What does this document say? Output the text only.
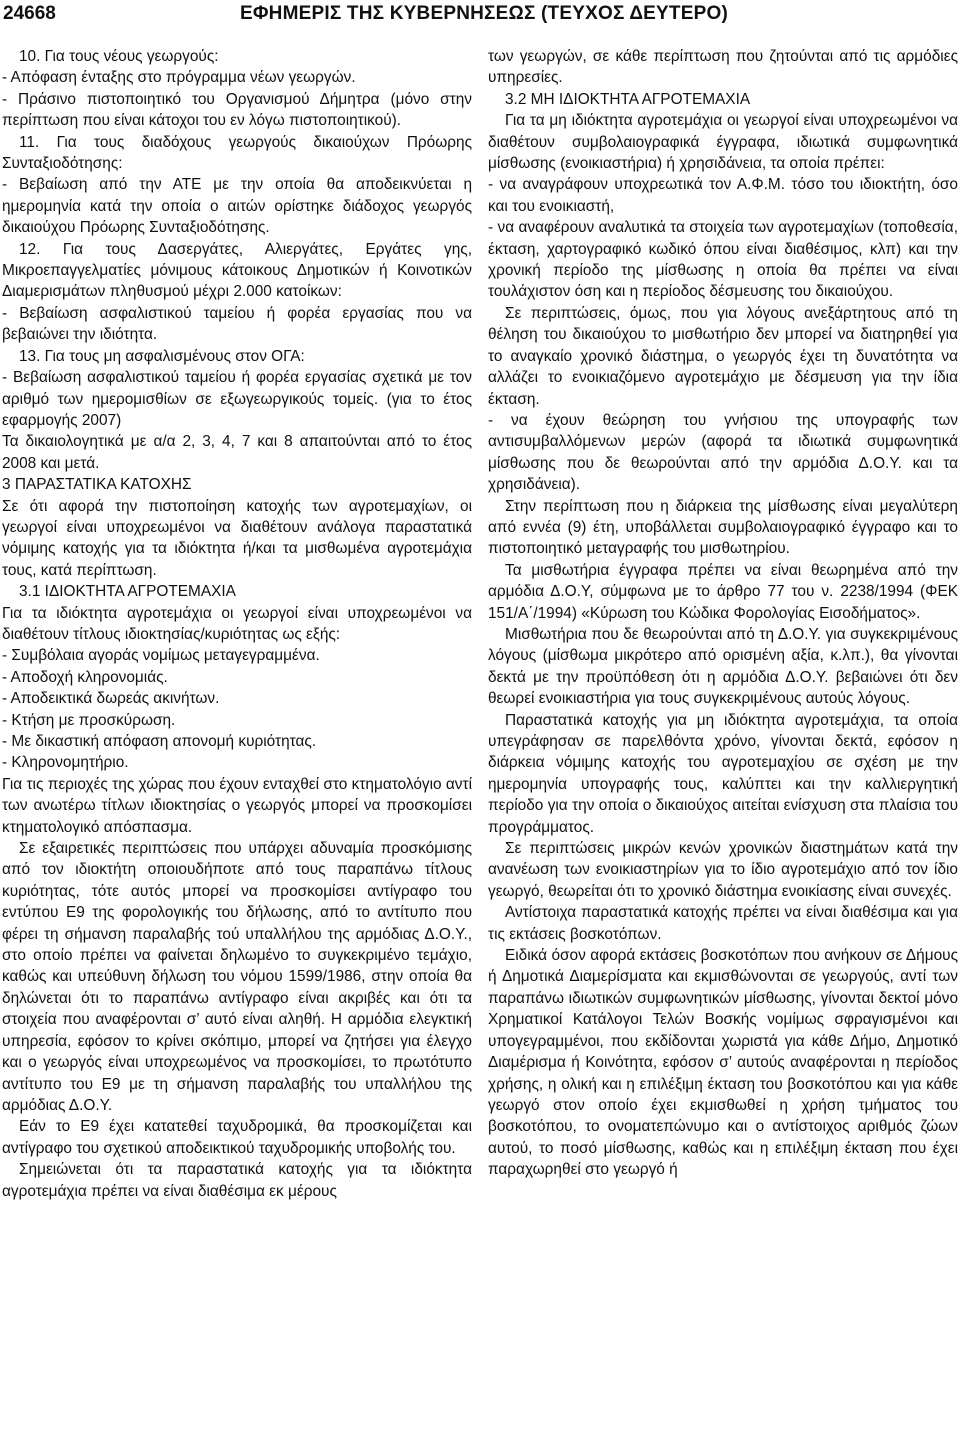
24668	ΕΦΗΜΕΡΙΣ ΤΗΣ ΚΥΒΕΡΝΗΣΕΩΣ (ΤΕΥΧΟΣ ΔΕΥΤΕΡΟ)

10. Για τους νέους γεωργούς:

- Απόφαση ένταξης στο πρόγραμμα νέων γεωργών.

- Πράσινο πιστοποιητικό του Οργανισμού Δήμητρα (μόνο στην περίπτωση που είναι κάτοχοι του εν λόγω πιστοποιητικού).

11. Για τους διαδόχους γεωργούς δικαιούχων Πρόωρης Συνταξιοδότησης:

- Βεβαίωση από την ΑΤΕ με την οποία θα αποδεικνύεται η ημερομηνία κατά την οποία ο αιτών ορίστηκε διάδοχος γεωργός δικαιούχου Πρόωρης Συνταξιοδότησης.

12. Για τους Δασεργάτες, Αλιεργάτες, Εργάτες γης, Μικροεπαγγελματίες μόνιμους κάτοικους Δημοτικών ή Κοινοτικών Διαμερισμάτων πληθυσμού μέχρι 2.000 κατοίκων:

- Βεβαίωση ασφαλιστικού ταμείου ή φορέα εργασίας που να βεβαιώνει την ιδιότητα.

13. Για τους μη ασφαλισμένους στον ΟΓΑ:

- Βεβαίωση ασφαλιστικού ταμείου ή φορέα εργασίας σχετικά με τον αριθμό των ημερομισθίων σε εξωγεωργικούς τομείς. (για το έτος εφαρμογής 2007)

Τα δικαιολογητικά με α/α 2, 3, 4, 7 και 8 απαιτούνται από το έτος 2008 και μετά.

3 ΠΑΡΑΣΤΑΤΙΚΑ ΚΑΤΟΧΗΣ

Σε ότι αφορά την πιστοποίηση κατοχής των αγροτεμαχίων, οι γεωργοί είναι υποχρεωμένοι να διαθέτουν ανάλογα παραστατικά νόμιμης κατοχής για τα ιδιόκτητα ή/και τα μισθωμένα αγροτεμάχια τους, κατά περίπτωση.

3.1 ΙΔΙΟΚΤΗΤΑ ΑΓΡΟΤΕΜΑΧΙΑ

Για τα ιδιόκτητα αγροτεμάχια οι γεωργοί είναι υποχρεωμένοι να διαθέτουν τίτλους ιδιοκτησίας/κυριότητας ως εξής:

- Συμβόλαια αγοράς νομίμως μεταγεγραμμένα.

- Αποδοχή κληρονομιάς.

- Αποδεικτικά δωρεάς ακινήτων.

- Κτήση με προσκύρωση.

- Με δικαστική απόφαση απονομή κυριότητας.

- Κληρονομητήριο.

Για τις περιοχές της χώρας που έχουν ενταχθεί στο κτηματολόγιο αντί των ανωτέρω τίτλων ιδιοκτησίας ο γεωργός μπορεί να προσκομίσει κτηματολογικό απόσπασμα.

Σε εξαιρετικές περιπτώσεις που υπάρχει αδυναμία προσκόμισης από τον ιδιοκτήτη οποιουδήποτε από τους παραπάνω τίτλους κυριότητας, τότε αυτός μπορεί να προσκομίσει αντίγραφο του εντύπου Ε9 της φορολογικής του δήλωσης, από το αντίτυπο που φέρει τη σήμανση παραλαβής τού υπαλλήλου της αρμόδιας Δ.Ο.Υ., στο οποίο πρέπει να φαίνεται δηλωμένο το συγκεκριμένο τεμάχιο, καθώς και υπεύθυνη δήλωση του νόμου 1599/1986, στην οποία θα δηλώνεται ότι το παραπάνω αντίγραφο είναι ακριβές και ότι τα στοιχεία που αναφέρονται σ’ αυτό είναι αληθή. Η αρμόδια ελεγκτική υπηρεσία, εφόσον το κρίνει σκόπιμο, μπορεί να ζητήσει για έλεγχο και ο γεωργός είναι υποχρεωμένος να προσκομίσει, το πρωτότυπο αντίτυπο του Ε9 με τη σήμανση παραλαβής του υπαλλήλου της αρμόδιας Δ.Ο.Υ.

Εάν το Ε9 έχει κατατεθεί ταχυδρομικά, θα προσκομίζεται και αντίγραφο του σχετικού αποδεικτικού ταχυδρομικής υποβολής του.

Σημειώνεται ότι τα παραστατικά κατοχής για τα ιδιόκτητα αγροτεμάχια πρέπει να είναι διαθέσιμα εκ μέρους

των γεωργών, σε κάθε περίπτωση που ζητούνται από τις αρμόδιες υπηρεσίες.

3.2 ΜΗ ΙΔΙΟΚΤΗΤΑ ΑΓΡΟΤΕΜΑΧΙΑ

Για τα μη ιδιόκτητα αγροτεμάχια οι γεωργοί είναι υποχρεωμένοι να διαθέτουν συμβολαιογραφικά έγγραφα, ιδιωτικά συμφωνητικά μίσθωσης (ενοικιαστήρια) ή χρησιδάνεια, τα οποία πρέπει:

- να αναγράφουν υποχρεωτικά τον Α.Φ.Μ. τόσο του ιδιοκτήτη, όσο και του ενοικιαστή,

- να αναφέρουν αναλυτικά τα στοιχεία των αγροτεμαχίων (τοποθεσία, έκταση, χαρτογραφικό κωδικό όπου είναι διαθέσιμος, κλπ) και την χρονική περίοδο της μίσθωσης η οποία θα πρέπει να είναι τουλάχιστον όση και η περίοδος δέσμευσης του δικαιούχου.

Σε περιπτώσεις, όμως, που για λόγους ανεξάρτητους από τη θέληση του δικαιούχου το μισθωτήριο δεν μπορεί να διατηρηθεί για το αναγκαίο χρονικό διάστημα, ο γεωργός έχει τη δυνατότητα να αλλάζει το ενοικιαζόμενο αγροτεμάχιο με δέσμευση για την ίδια έκταση.

- να έχουν θεώρηση του γνήσιου της υπογραφής των αντισυμβαλλόμενων μερών (αφορά τα ιδιωτικά συμφωνητικά μίσθωσης που δε θεωρούνται από την αρμόδια Δ.Ο.Υ. και τα χρησιδάνεια).

Στην περίπτωση που η διάρκεια της μίσθωσης είναι μεγαλύτερη από εννέα (9) έτη, υποβάλλεται συμβολαιογραφικό έγγραφο και το πιστοποιητικό μεταγραφής του μισθωτηρίου.

Τα μισθωτήρια έγγραφα πρέπει να είναι θεωρημένα από την αρμόδια Δ.Ο.Υ, σύμφωνα με το άρθρο 77 του ν. 2238/1994 (ΦΕΚ 151/Α΄/1994) «Κύρωση του Κώδικα Φορολογίας Εισοδήματος».

Μισθωτήρια που δε θεωρούνται από τη Δ.Ο.Υ. για συγκεκριμένους λόγους (μίσθωμα μικρότερο από ορισμένη αξία, κ.λπ.), θα γίνονται δεκτά με την προϋπόθεση ότι η αρμόδια Δ.Ο.Υ. βεβαιώνει ότι δεν θεωρεί ενοικιαστήρια για τους συγκεκριμένους αυτούς λόγους.

Παραστατικά κατοχής για μη ιδιόκτητα αγροτεμάχια, τα οποία υπεγράφησαν σε παρελθόντα χρόνο, γίνονται δεκτά, εφόσον η διάρκεια νόμιμης κατοχής του αγροτεμαχίου σε σχέση με την ημερομηνία υπογραφής τους, καλύπτει και την καλλιεργητική περίοδο για την οποία ο δικαιούχος αιτείται ενίσχυση στα πλαίσια του προγράμματος.

Σε περιπτώσεις μικρών κενών χρονικών διαστημάτων κατά την ανανέωση των ενοικιαστηρίων για το ίδιο αγροτεμάχιο από τον ίδιο γεωργό, θεωρείται ότι το χρονικό διάστημα ενοικίασης είναι συνεχές.

Αντίστοιχα παραστατικά κατοχής πρέπει να είναι διαθέσιμα και για τις εκτάσεις βοσκοτόπων.

Ειδικά όσον αφορά εκτάσεις βοσκοτόπων που ανήκουν σε Δήμους ή Δημοτικά Διαμερίσματα και εκμισθώνονται σε γεωργούς, αντί των παραπάνω ιδιωτικών συμφωνητικών μίσθωσης, γίνονται δεκτοί μόνο Χρηματικοί Κατάλογοι Τελών Βοσκής νομίμως σφραγισμένοι και υπογεγραμμένοι, που εκδίδονται χωριστά για κάθε Δήμο, Δημοτικό Διαμέρισμα ή Κοινότητα, εφόσον σ’ αυτούς αναφέρονται η περίοδος χρήσης, η ολική και η επιλέξιμη έκταση του βοσκοτόπου και για κάθε γεωργό στον οποίο έχει εκμισθωθεί η χρήση τμήματος του βοσκοτόπου, το ονοματεπώνυμο και ο αντίστοιχος αριθμός ζώων αυτού, το ποσό μίσθωσης, καθώς και η επιλέξιμη έκταση που έχει παραχωρηθεί στο γεωργό ή
